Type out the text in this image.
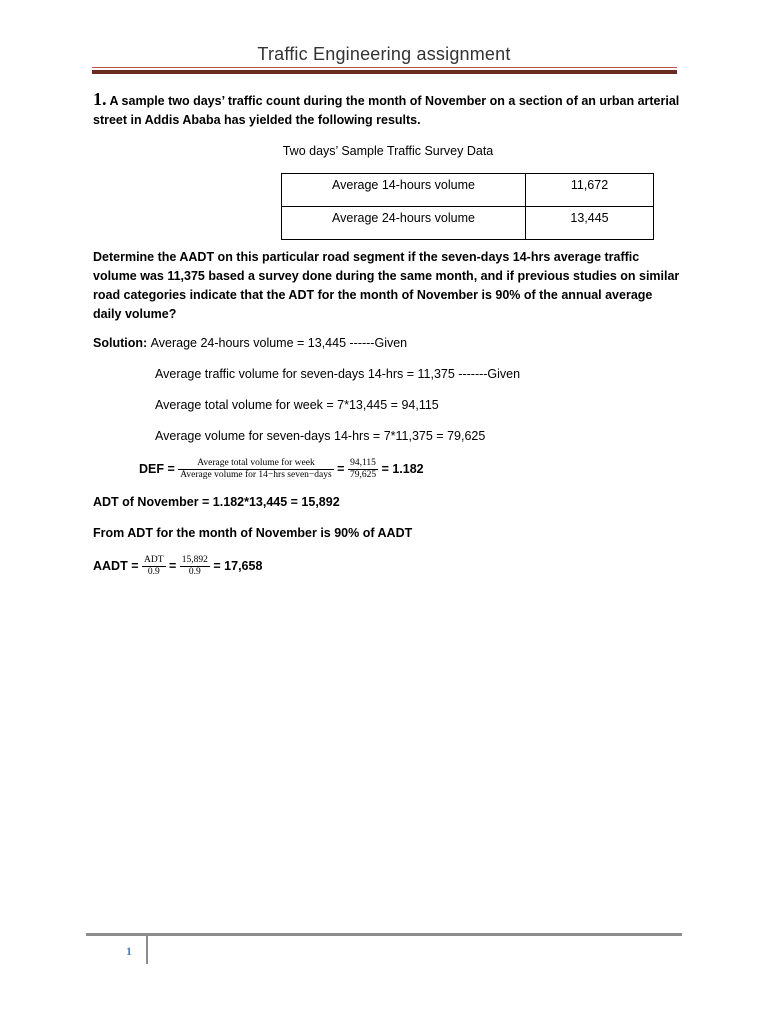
Traffic Engineering assignment

1. A sample two days’ traffic count during the month of November on a section of an urban arterial street in Addis Ababa has yielded the following results.

Two days’ Sample Traffic Survey Data

Average 14-hours volume	11,672
Average 24-hours volume	13,445

Determine the AADT on this particular road segment if the seven-days 14-hrs average traffic volume was 11,375 based a survey done during the same month, and if previous studies on similar road categories indicate that the ADT for the month of November is 90% of the annual average daily volume?

Solution: Average 24-hours volume = 13,445 ------Given

Average traffic volume for seven-days 14-hrs = 11,375 -------Given

Average total volume for week = 7*13,445 = 94,115

Average volume for seven-days 14-hrs = 7*11,375 = 79,625

DEF = $\frac{\text{Average total volume for week}}{\text{Average volume for 14−hrs seven−days}} = \frac{94,115}{79,625} = 1.182$

ADT of November = 1.182*13,445 = 15,892

From ADT for the month of November is 90% of AADT

AADT = $\frac{\text{ADT}}{0.9} = \frac{15,892}{0.9} = 17,658$

1
